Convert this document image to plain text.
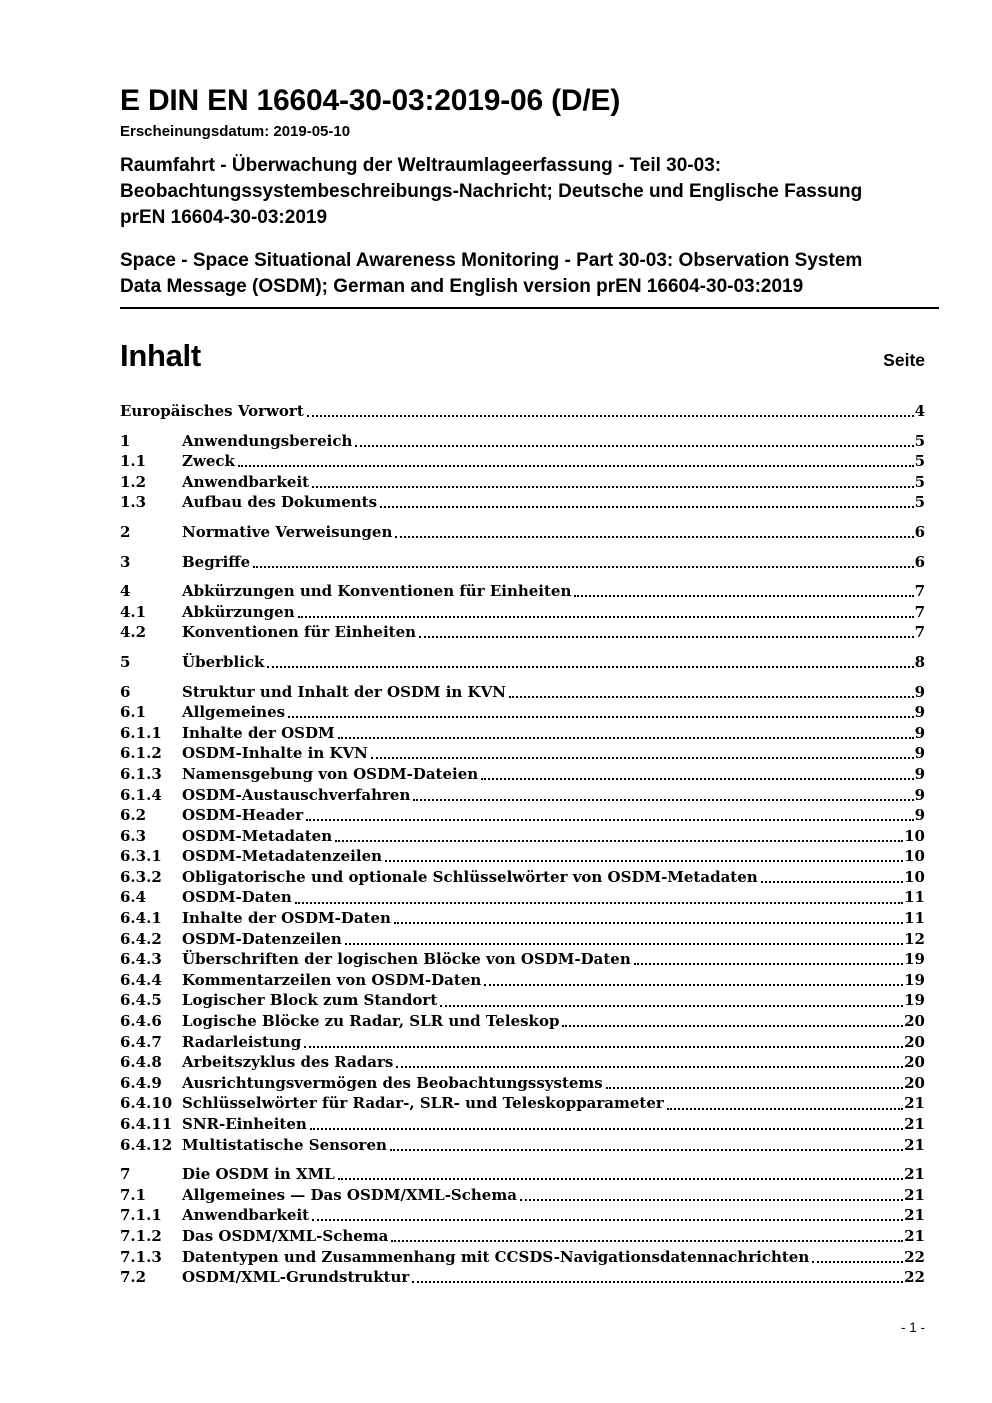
E DIN EN 16604-30-03:2019-06 (D/E)
Erscheinungsdatum: 2019-05-10
Raumfahrt - Überwachung der Weltraumlageerfassung - Teil 30-03:
Beobachtungssystembeschreibungs-Nachricht; Deutsche und Englische Fassung
prEN 16604-30-03:2019
Space - Space Situational Awareness Monitoring - Part 30-03: Observation System
Data Message (OSDM); German and English version prEN 16604-30-03:2019
Inhalt	Seite
Europäisches Vorwort	4
1	Anwendungsbereich	5
1.1	Zweck	5
1.2	Anwendbarkeit	5
1.3	Aufbau des Dokuments	5
2	Normative Verweisungen	6
3	Begriffe	6
4	Abkürzungen und Konventionen für Einheiten	7
4.1	Abkürzungen	7
4.2	Konventionen für Einheiten	7
5	Überblick	8
6	Struktur und Inhalt der OSDM in KVN	9
6.1	Allgemeines	9
6.1.1	Inhalte der OSDM	9
6.1.2	OSDM-Inhalte in KVN	9
6.1.3	Namensgebung von OSDM-Dateien	9
6.1.4	OSDM-Austauschverfahren	9
6.2	OSDM-Header	9
6.3	OSDM-Metadaten	10
6.3.1	OSDM-Metadatenzeilen	10
6.3.2	Obligatorische und optionale Schlüsselwörter von OSDM-Metadaten	10
6.4	OSDM-Daten	11
6.4.1	Inhalte der OSDM-Daten	11
6.4.2	OSDM-Datenzeilen	12
6.4.3	Überschriften der logischen Blöcke von OSDM-Daten	19
6.4.4	Kommentarzeilen von OSDM-Daten	19
6.4.5	Logischer Block zum Standort	19
6.4.6	Logische Blöcke zu Radar, SLR und Teleskop	20
6.4.7	Radarleistung	20
6.4.8	Arbeitszyklus des Radars	20
6.4.9	Ausrichtungsvermögen des Beobachtungssystems	20
6.4.10 Schlüsselwörter für Radar-, SLR- und Teleskopparameter	21
6.4.11 SNR-Einheiten	21
6.4.12 Multistatische Sensoren	21
7	Die OSDM in XML	21
7.1	Allgemeines — Das OSDM/XML-Schema	21
7.1.1	Anwendbarkeit	21
7.1.2	Das OSDM/XML-Schema	21
7.1.3	Datentypen und Zusammenhang mit CCSDS-Navigationsdatennachrichten	22
7.2	OSDM/XML-Grundstruktur	22
- 1 -
